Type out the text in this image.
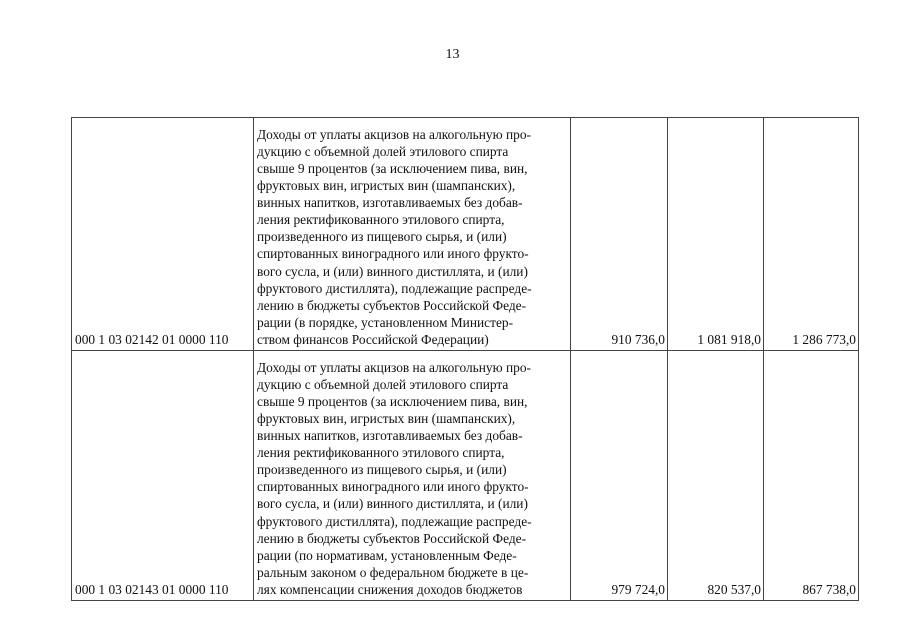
13
000 1 03 02142 01 0000 110	
Доходы от уплаты акцизов на алкогольную про-
дукцию с объемной долей этилового спирта
свыше 9 процентов (за исключением пива, вин,
фруктовых вин, игристых вин (шампанских),
винных напитков, изготавливаемых без добав-
ления ректификованного этилового спирта,
произведенного из пищевого сырья, и (или)
спиртованных виноградного или иного фрукто-
вого сусла, и (или) винного дистиллята, и (или)
фруктового дистиллята), подлежащие распреде-
лению в бюджеты субъектов Российской Феде-
рации (в порядке, установленном Министер-
ством финансов Российской Федерации)	910 736,0	1 081 918,0	1 286 773,0
000 1 03 02143 01 0000 110	
Доходы от уплаты акцизов на алкогольную про-
дукцию с объемной долей этилового спирта
свыше 9 процентов (за исключением пива, вин,
фруктовых вин, игристых вин (шампанских),
винных напитков, изготавливаемых без добав-
ления ректификованного этилового спирта,
произведенного из пищевого сырья, и (или)
спиртованных виноградного или иного фрукто-
вого сусла, и (или) винного дистиллята, и (или)
фруктового дистиллята), подлежащие распреде-
лению в бюджеты субъектов Российской Феде-
рации (по нормативам, установленным Феде-
ральным законом о федеральном бюджете в це-
лях компенсации снижения доходов бюджетов	979 724,0	820 537,0	867 738,0
